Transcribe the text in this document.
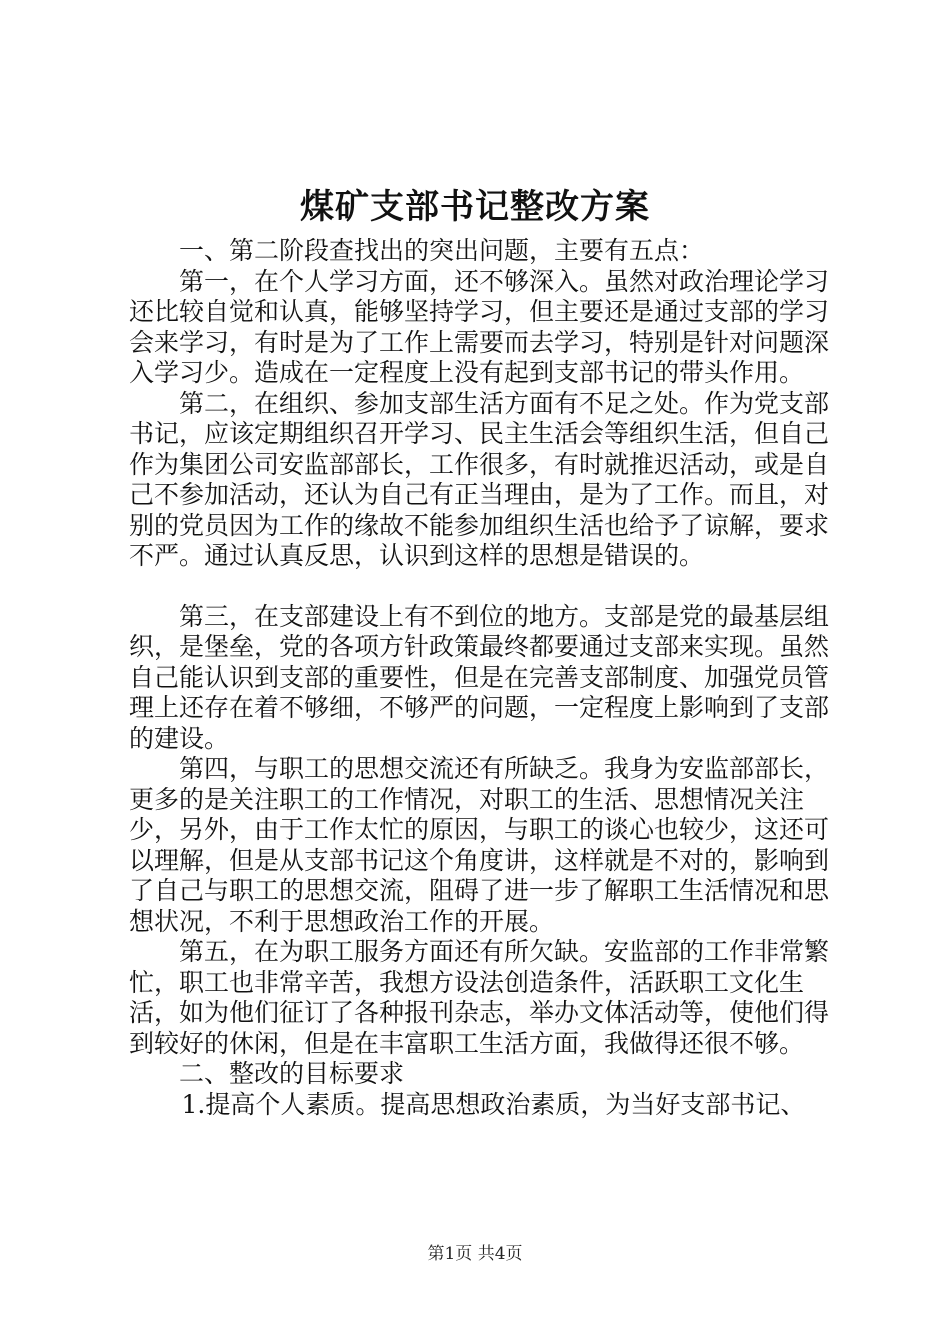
煤矿支部书记整改方案

一、第二阶段查找出的突出问题，主要有五点：

第一，在个人学习方面，还不够深入。虽然对政治理论学习还比较自觉和认真，能够坚持学习，但主要还是通过支部的学习会来学习，有时是为了工作上需要而去学习，特别是针对问题深入学习少。造成在一定程度上没有起到支部书记的带头作用。

第二，在组织、参加支部生活方面有不足之处。作为党支部书记，应该定期组织召开学习、民主生活会等组织生活，但自己作为集团公司安监部部长，工作很多，有时就推迟活动，或是自己不参加活动，还认为自己有正当理由，是为了工作。而且，对别的党员因为工作的缘故不能参加组织生活也给予了谅解，要求不严。通过认真反思，认识到这样的思想是错误的。

第三，在支部建设上有不到位的地方。支部是党的最基层组织，是堡垒，党的各项方针政策最终都要通过支部来实现。虽然自己能认识到支部的重要性，但是在完善支部制度、加强党员管理上还存在着不够细，不够严的问题，一定程度上影响到了支部的建设。

第四，与职工的思想交流还有所缺乏。我身为安监部部长，更多的是关注职工的工作情况，对职工的生活、思想情况关注少，另外，由于工作太忙的原因，与职工的谈心也较少，这还可以理解，但是从支部书记这个角度讲，这样就是不对的，影响到了自己与职工的思想交流，阻碍了进一步了解职工生活情况和思想状况，不利于思想政治工作的开展。

第五，在为职工服务方面还有所欠缺。安监部的工作非常繁忙，职工也非常辛苦，我想方设法创造条件，活跃职工文化生活，如为他们征订了各种报刊杂志，举办文体活动等，使他们得到较好的休闲，但是在丰富职工生活方面，我做得还很不够。

二、整改的目标要求

1.提高个人素质。提高思想政治素质，为当好支部书记、

第1页 共4页
